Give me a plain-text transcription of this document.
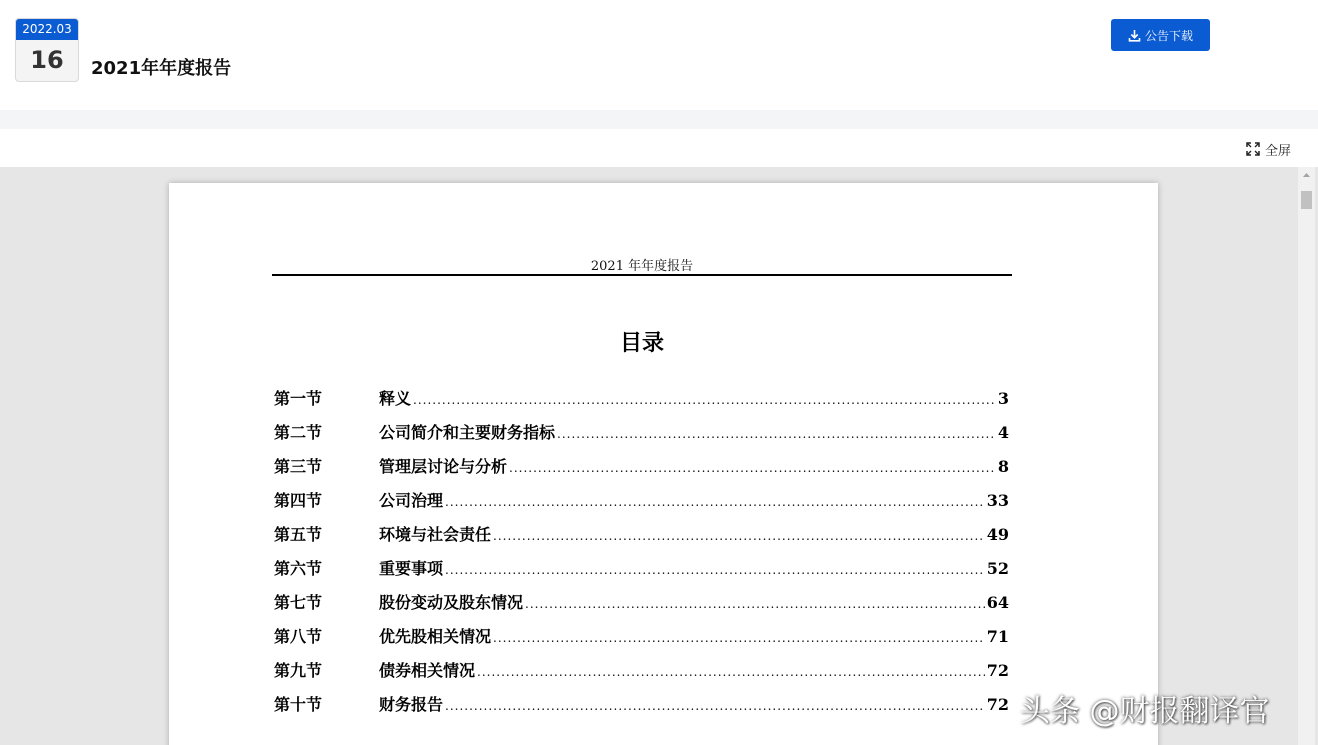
2022.03
16	2021年年度报告
公告下载
全屏
2021 年年度报告
目录
第一节	释义 .....	3
第二节	公司简介和主要财务指标 .....	4
第三节	管理层讨论与分析 .....	8
第四节	公司治理 .....	33
第五节	环境与社会责任 .....	49
第六节	重要事项 .....	52
第七节	股份变动及股东情况 .....	64
第八节	优先股相关情况 .....	71
第九节	债券相关情况 .....	72
第十节	财务报告 .....	72 头条 @财报翻译官
